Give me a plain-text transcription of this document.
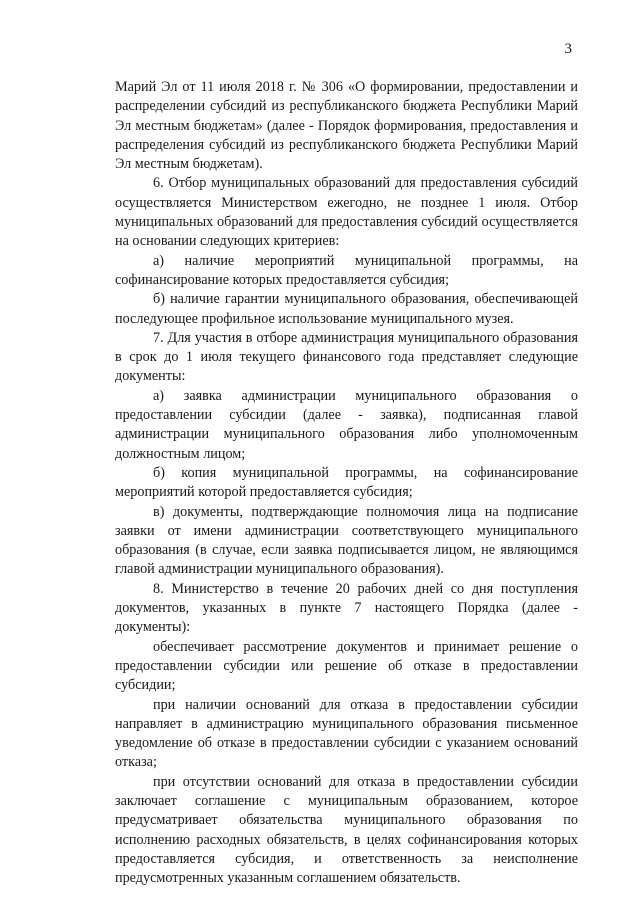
3

Марий Эл от 11 июля 2018 г. № 306 «О формировании, предоставлении и распределении субсидий из республиканского бюджета Республики Марий Эл местным бюджетам» (далее - Порядок формирования, предоставления и распределения субсидий из республиканского бюджета Республики Марий Эл местным бюджетам).

6. Отбор муниципальных образований для предоставления субсидий осуществляется Министерством ежегодно, не позднее 1 июля. Отбор муниципальных образований для предоставления субсидий осуществляется на основании следующих критериев:

а) наличие мероприятий муниципальной программы, на софинансирование которых предоставляется субсидия;

б) наличие гарантии муниципального образования, обеспечивающей последующее профильное использование муниципального музея.

7. Для участия в отборе администрация муниципального образования в срок до 1 июля текущего финансового года представляет следующие документы:

а) заявка администрации муниципального образования о предоставлении субсидии (далее - заявка), подписанная главой администрации муниципального образования либо уполномоченным должностным лицом;

б) копия муниципальной программы, на софинансирование мероприятий которой предоставляется субсидия;

в) документы, подтверждающие полномочия лица на подписание заявки от имени администрации соответствующего муниципального образования (в случае, если заявка подписывается лицом, не являющимся главой администрации муниципального образования).

8. Министерство в течение 20 рабочих дней со дня поступления документов, указанных в пункте 7 настоящего Порядка (далее - документы):

обеспечивает рассмотрение документов и принимает решение о предоставлении субсидии или решение об отказе в предоставлении субсидии;

при наличии оснований для отказа в предоставлении субсидии направляет в администрацию муниципального образования письменное уведомление об отказе в предоставлении субсидии с указанием оснований отказа;

при отсутствии оснований для отказа в предоставлении субсидии заключает соглашение с муниципальным образованием, которое предусматривает обязательства муниципального образования по исполнению расходных обязательств, в целях софинансирования которых предоставляется субсидия, и ответственность за неисполнение предусмотренных указанным соглашением обязательств.
